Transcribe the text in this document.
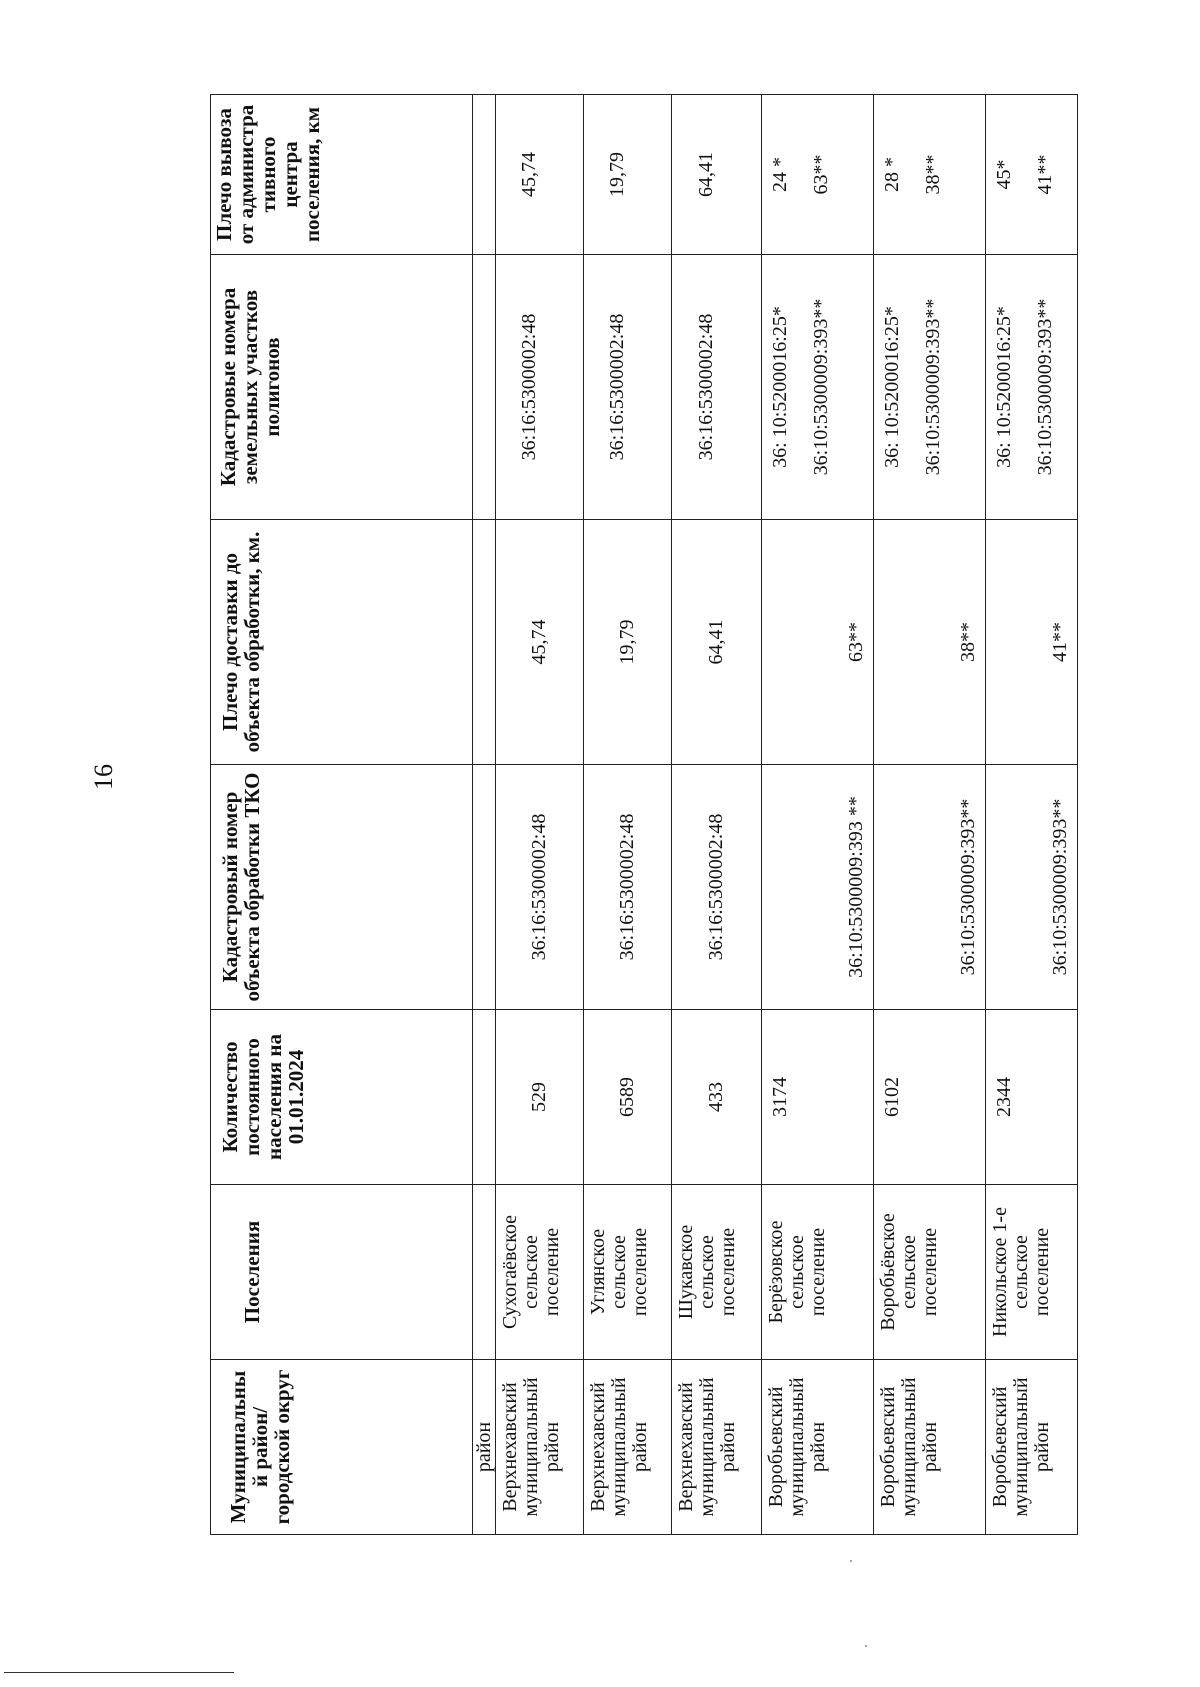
16
Муниципальны й район/ городской округ	Поселения	Количество постоянного населения на 01.01.2024	Кадастровый номер объекта обработки ТКО	Плечо доставки до объекта обработки, км.	Кадастровые номера земельных участков полигонов	Плечо вывоза от администра тивного центра поселения, км

район						
Верхнехавский муниципальный район	Сухогаёвское сельское поселение	529	36:16:5300002:48	45,74	36:16:5300002:48	45,74

Верхнехавский муниципальный район	Углянское сельское поселение	6589	36:16:5300002:48	19,79	36:16:5300002:48	19,79

Верхнехавский муниципальный район	Шукавское сельское поселение	433	36:16:5300002:48	64,41	36:16:5300002:48	64,41

Воробьевский муниципальный район	Берёзовское сельское поселение	3174	36:10:5300009:393 **	63**	36: 10:5200016:25* 36:10:5300009:393**	24 * 63**

Воробьевский муниципальный район	Воробьёвское сельское поселение	6102	36:10:5300009:393**	38**	36: 10:5200016:25* 36:10:5300009:393**	28 * 38**

Воробьевский муниципальный район	Никольское 1-е сельское поселение	2344	36:10:5300009:393**	41**	36: 10:5200016:25* 36:10:5300009:393**	45* 41**
